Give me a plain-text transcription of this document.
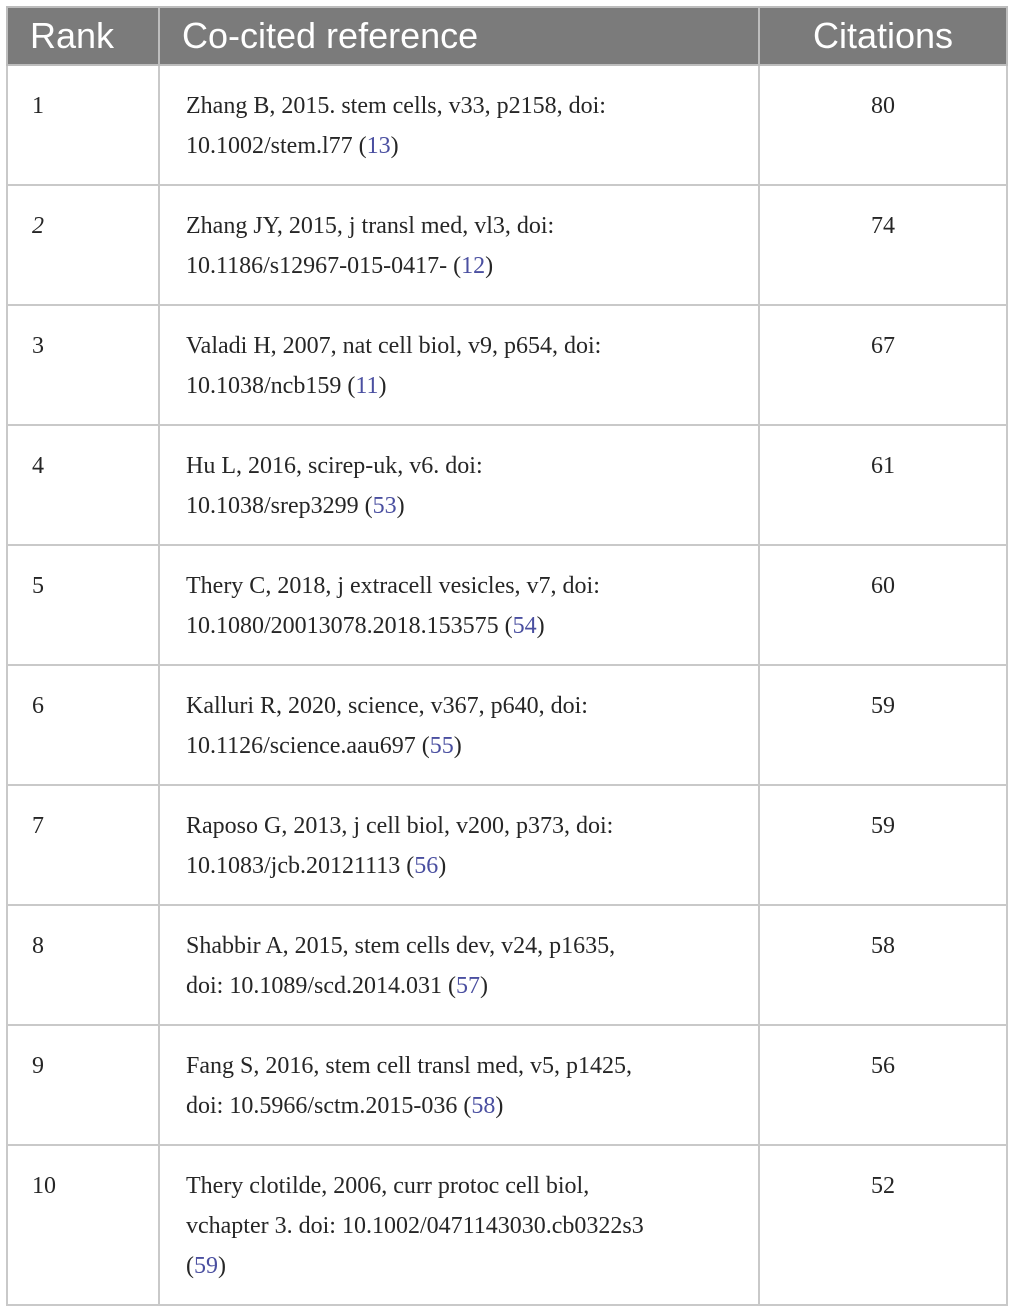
Rank	Co-cited reference	Citations
1	Zhang B, 2015. stem cells, v33, p2158, doi:
10.1002/stem.l77 (13)	80
2	Zhang JY, 2015, j transl med, vl3, doi:
10.1186/s12967-015-0417- (12)	74
3	Valadi H, 2007, nat cell biol, v9, p654, doi:
10.1038/ncb159 (11)	67
4	Hu L, 2016, scirep-uk, v6. doi:
10.1038/srep3299 (53)	61
5	Thery C, 2018, j extracell vesicles, v7, doi:
10.1080/20013078.2018.153575 (54)	60
6	Kalluri R, 2020, science, v367, p640, doi:
10.1126/science.aau697 (55)	59
7	Raposo G, 2013, j cell biol, v200, p373, doi:
10.1083/jcb.20121113 (56)	59
8	Shabbir A, 2015, stem cells dev, v24, p1635,
doi: 10.1089/scd.2014.031 (57)	58
9	Fang S, 2016, stem cell transl med, v5, p1425,
doi: 10.5966/sctm.2015-036 (58)	56
10	Thery clotilde, 2006, curr protoc cell biol,
vchapter 3. doi: 10.1002/0471143030.cb0322s3
(59)	52
